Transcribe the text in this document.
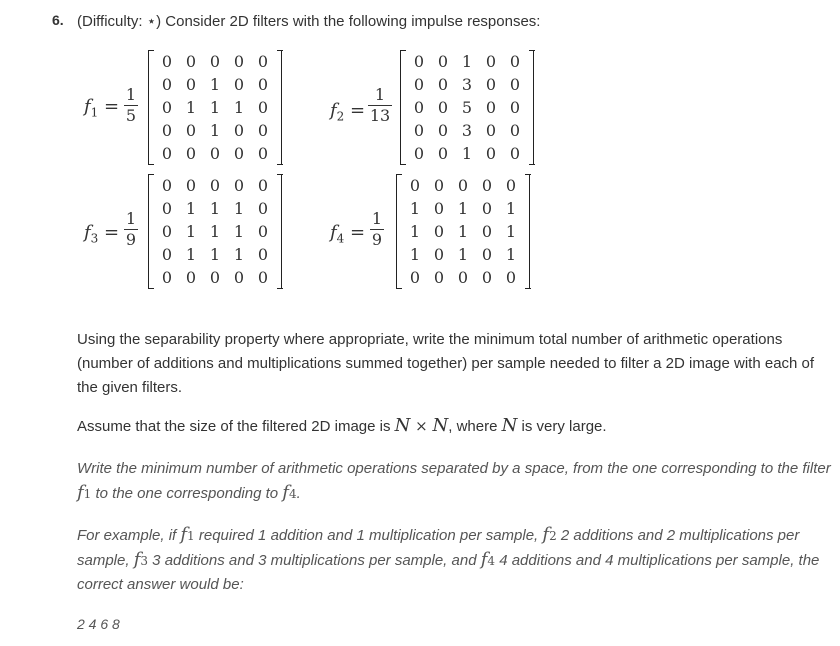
6. (Difficulty: ⋆) Consider 2D filters with the following impulse responses:
$f_1$ =
1
5
0 0 0 0 0
0 0 1 0 0
0 1 1 1 0
0 0 1 0 0
0 0 0 0 0
$f_2$ =
1
13
0 0 1 0 0
0 0 3 0 0
0 0 5 0 0
0 0 3 0 0
0 0 1 0 0
$f_3$ =
1
9
0 0 0 0 0
0 1 1 1 0
0 1 1 1 0
0 1 1 1 0
0 0 0 0 0
$f_4$ =
1
9
0 0 0 0 0
1 0 1 0 1
1 0 1 0 1
1 0 1 0 1
0 0 0 0 0
Using the separability property where appropriate, write the minimum total number of arithmetic operations (number of additions and multiplications summed together) per sample needed to filter a 2D image with each of the given filters.
Assume that the size of the filtered 2D image is N × N, where N is very large.
Write the minimum number of arithmetic operations separated by a space, from the one corresponding to the filter f1 to the one corresponding to f4.
For example, if f1 required 1 addition and 1 multiplication per sample, f2 2 additions and 2 multiplications per sample, f3 3 additions and 3 multiplications per sample, and f4 4 additions and 4 multiplications per sample, the correct answer would be:
2 4 6 8
